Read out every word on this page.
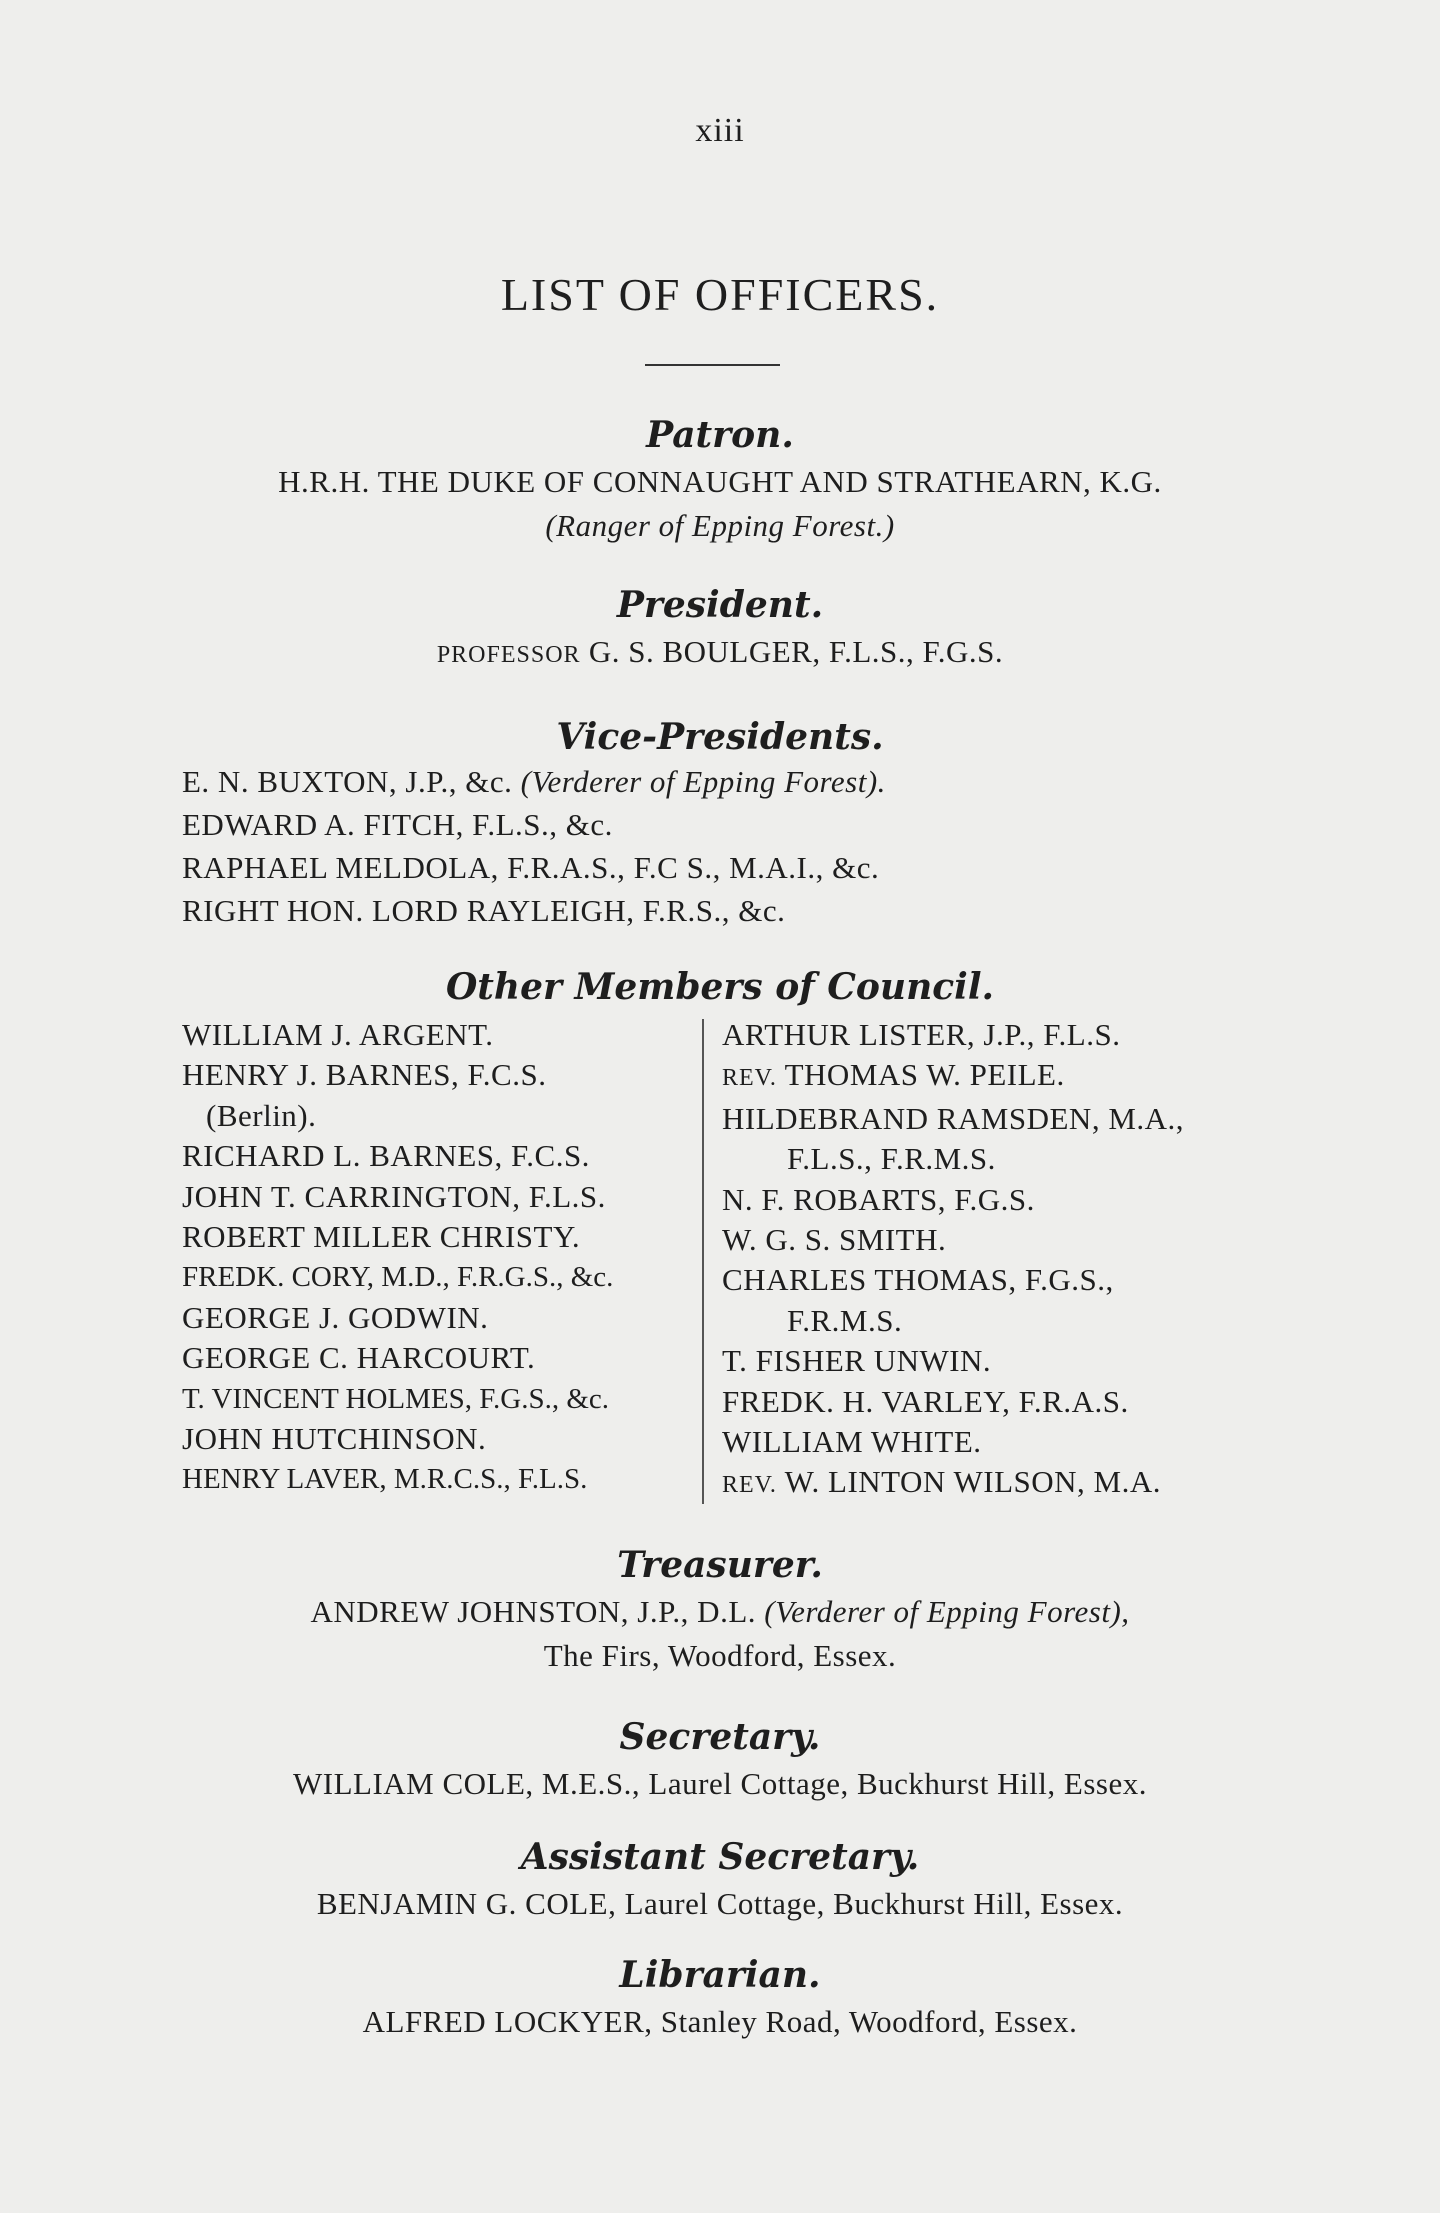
xiii
LIST OF OFFICERS.
Patron.
H.R.H. THE DUKE OF CONNAUGHT AND STRATHEARN, K.G.
(Ranger of Epping Forest.)
President.
PROFESSOR G. S. BOULGER, F.L.S., F.G.S.
Vice-Presidents.
E. N. BUXTON, J.P., &c. (Verderer of Epping Forest).
EDWARD A. FITCH, F.L.S., &c.
RAPHAEL MELDOLA, F.R.A.S., F.C S., M.A.I., &c.
RIGHT HON. LORD RAYLEIGH, F.R.S., &c.
Other Members of Council.
WILLIAM J. ARGENT.
HENRY J. BARNES, F.C.S.
(Berlin).
RICHARD L. BARNES, F.C.S.
JOHN T. CARRINGTON, F.L.S.
ROBERT MILLER CHRISTY.
FREDK. CORY, M.D., F.R.G.S., &c.
GEORGE J. GODWIN.
GEORGE C. HARCOURT.
T. VINCENT HOLMES, F.G.S., &c.
JOHN HUTCHINSON.
HENRY LAVER, M.R.C.S., F.L.S.
ARTHUR LISTER, J.P., F.L.S.
REV. THOMAS W. PEILE.
HILDEBRAND RAMSDEN, M.A.,
F.L.S., F.R.M.S.
N. F. ROBARTS, F.G.S.
W. G. S. SMITH.
CHARLES THOMAS, F.G.S.,
F.R.M.S.
T. FISHER UNWIN.
FREDK. H. VARLEY, F.R.A.S.
WILLIAM WHITE.
REV. W. LINTON WILSON, M.A.
Treasurer.
ANDREW JOHNSTON, J.P., D.L. (Verderer of Epping Forest),
The Firs, Woodford, Essex.
Secretary.
WILLIAM COLE, M.E.S., Laurel Cottage, Buckhurst Hill, Essex.
Assistant Secretary.
BENJAMIN G. COLE, Laurel Cottage, Buckhurst Hill, Essex.
Librarian.
ALFRED LOCKYER, Stanley Road, Woodford, Essex.
